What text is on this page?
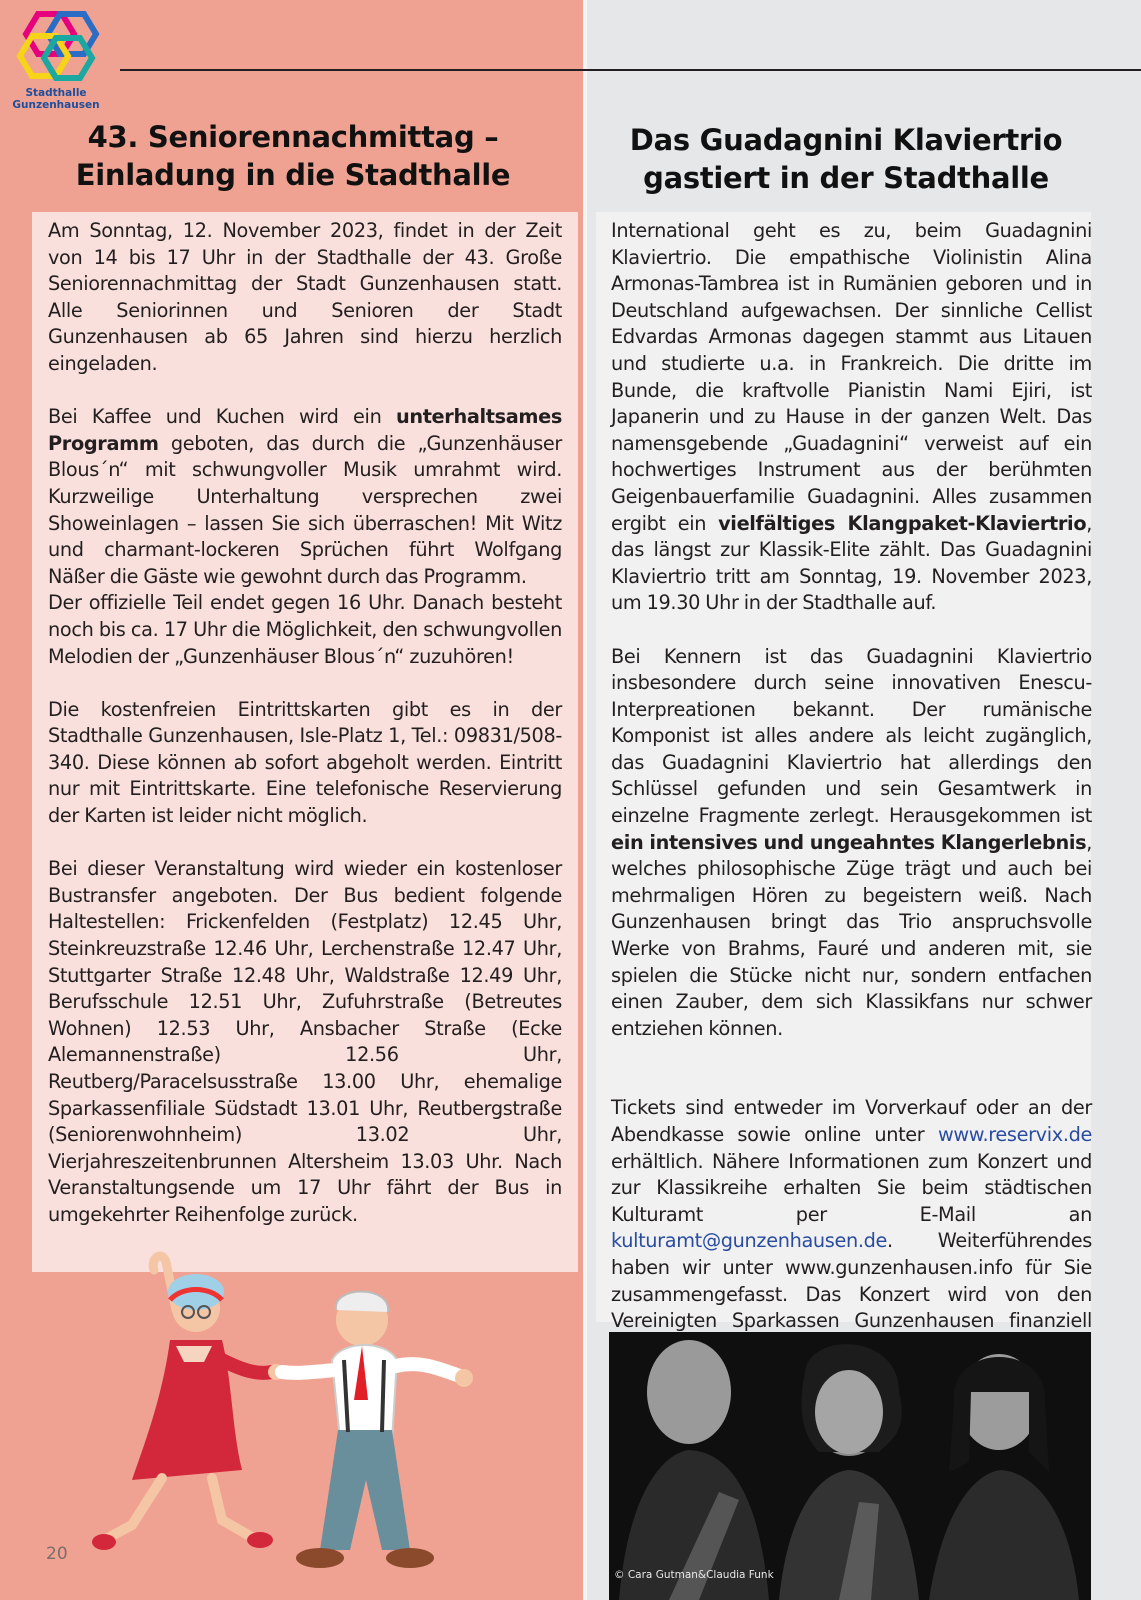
Stadthalle
Gunzenhausen
43. Seniorennachmittag –
Einladung in die Stadthalle
Das Guadagnini Klaviertrio
gastiert in der Stadthalle

Am Sonntag, 12. November 2023, findet in der Zeit von 14 bis 17 Uhr in der Stadthalle der 43. Große Seniorennachmittag der Stadt Gunzenhausen statt. Alle Seniorinnen und Senioren der Stadt Gunzenhausen ab 65 Jahren sind hierzu herzlich eingeladen.

Bei Kaffee und Kuchen wird ein unterhaltsames Programm geboten, das durch die „Gunzenhäuser Blous´n“ mit schwungvoller Musik umrahmt wird. Kurzweilige Unterhaltung versprechen zwei Showeinlagen – lassen Sie sich überraschen! Mit Witz und charmant-lockeren Sprüchen führt Wolfgang Näßer die Gäste wie gewohnt durch das Programm.

Der offizielle Teil endet gegen 16 Uhr. Danach besteht noch bis ca. 17 Uhr die Möglichkeit, den schwungvollen Melodien der „Gunzenhäuser Blous´n“ zuzuhören!

Die kostenfreien Eintrittskarten gibt es in der Stadthalle Gunzenhausen, Isle-Platz 1, Tel.: 09831/508-340. Diese können ab sofort abgeholt werden. Eintritt nur mit Eintrittskarte. Eine telefonische Reservierung der Karten ist leider nicht möglich.

Bei dieser Veranstaltung wird wieder ein kostenloser Bustransfer angeboten. Der Bus bedient folgende Haltestellen: Frickenfelden (Festplatz) 12.45 Uhr, Steinkreuzstraße 12.46 Uhr, Lerchenstraße 12.47 Uhr, Stuttgarter Straße 12.48 Uhr, Waldstraße 12.49 Uhr, Berufsschule 12.51 Uhr, Zufuhrstraße (Betreutes Wohnen) 12.53 Uhr, Ansbacher Straße (Ecke Alemannenstraße) 12.56 Uhr, Reutberg/Paracelsusstraße 13.00 Uhr, ehemalige Sparkassenfiliale Südstadt 13.01 Uhr, Reutbergstraße (Seniorenwohnheim) 13.02 Uhr, Vierjahreszeitenbrunnen Altersheim 13.03 Uhr. Nach Veranstaltungsende um 17 Uhr fährt der Bus in umgekehrter Reihenfolge zurück.

International geht es zu, beim Guadagnini Klaviertrio. Die empathische Violinistin Alina Armonas-Tambrea ist in Rumänien geboren und in Deutschland aufgewachsen. Der sinnliche Cellist Edvardas Armonas dagegen stammt aus Litauen und studierte u.a. in Frankreich. Die dritte im Bunde, die kraftvolle Pianistin Nami Ejiri, ist Japanerin und zu Hause in der ganzen Welt. Das namensgebende „Guadagnini“ verweist auf ein hochwertiges Instrument aus der berühmten Geigenbauerfamilie Guadagnini. Alles zusammen ergibt ein vielfältiges Klangpaket-Klaviertrio, das längst zur Klassik-Elite zählt. Das Guadagnini Klaviertrio tritt am Sonntag, 19. November 2023, um 19.30 Uhr in der Stadthalle auf.

Bei Kennern ist das Guadagnini Klaviertrio insbesondere durch seine innovativen Enescu-Interpreationen bekannt. Der rumänische Komponist ist alles andere als leicht zugänglich, das Guadagnini Klaviertrio hat allerdings den Schlüssel gefunden und sein Gesamtwerk in einzelne Fragmente zerlegt. Herausgekommen ist ein intensives und ungeahntes Klangerlebnis, welches philosophische Züge trägt und auch bei mehrmaligen Hören zu begeistern weiß. Nach Gunzenhausen bringt das Trio anspruchsvolle Werke von Brahms, Fauré und anderen mit, sie spielen die Stücke nicht nur, sondern entfachen einen Zauber, dem sich Klassikfans nur schwer entziehen können.

Tickets sind entweder im Vorverkauf oder an der Abendkasse sowie online unter www.reservix.de erhältlich. Nähere Informationen zum Konzert und zur Klassikreihe erhalten Sie beim städtischen Kulturamt per E-Mail an kulturamt@gunzenhausen.de. Weiterführendes haben wir unter www.gunzenhausen.info für Sie zusammengefasst. Das Konzert wird von den Vereinigten Sparkassen Gunzenhausen finanziell

20
© Cara Gutman&Claudia Funk
